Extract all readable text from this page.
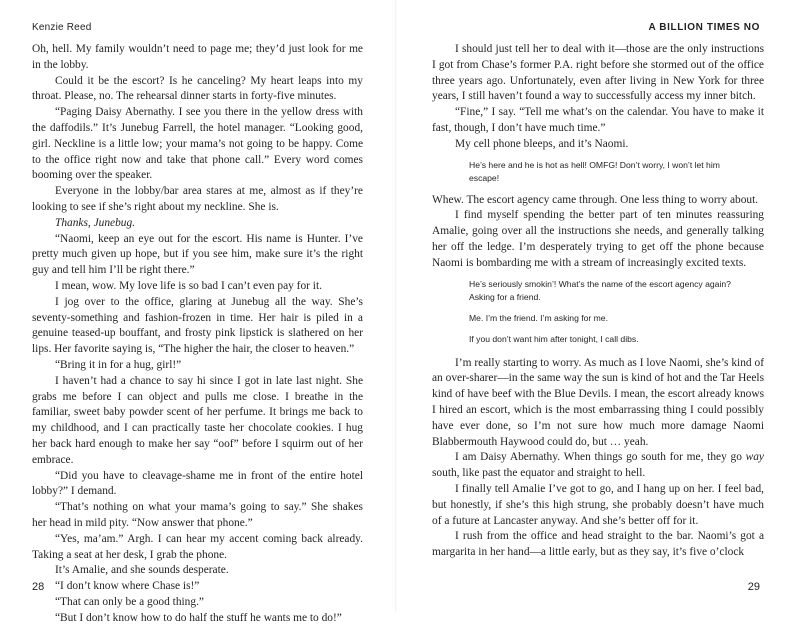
Kenzie Reed

Oh, hell. My family wouldn’t need to page me; they’d just look for me in the lobby.

Could it be the escort? Is he canceling? My heart leaps into my throat. Please, no. The rehearsal dinner starts in forty-five minutes.

“Paging Daisy Abernathy. I see you there in the yellow dress with the daffodils.” It’s Junebug Farrell, the hotel manager. “Looking good, girl. Neckline is a little low; your mama’s not going to be happy. Come to the office right now and take that phone call.” Every word comes booming over the speaker.

Everyone in the lobby/bar area stares at me, almost as if they’re looking to see if she’s right about my neckline. She is.

Thanks, Junebug.

“Naomi, keep an eye out for the escort. His name is Hunter. I’ve pretty much given up hope, but if you see him, make sure it’s the right guy and tell him I’ll be right there.”

I mean, wow. My love life is so bad I can’t even pay for it.

I jog over to the office, glaring at Junebug all the way. She’s seventy-something and fashion-frozen in time. Her hair is piled in a genuine teased-up bouffant, and frosty pink lipstick is slathered on her lips. Her favorite saying is, “The higher the hair, the closer to heaven.”

“Bring it in for a hug, girl!”

I haven’t had a chance to say hi since I got in late last night. She grabs me before I can object and pulls me close. I breathe in the familiar, sweet baby powder scent of her perfume. It brings me back to my childhood, and I can practically taste her chocolate cookies. I hug her back hard enough to make her say “oof” before I squirm out of her embrace.

“Did you have to cleavage-shame me in front of the entire hotel lobby?” I demand.

“That’s nothing on what your mama’s going to say.” She shakes her head in mild pity. “Now answer that phone.”

“Yes, ma’am.” Argh. I can hear my accent coming back already. Taking a seat at her desk, I grab the phone.

It’s Amalie, and she sounds desperate.

“I don’t know where Chase is!”

“That can only be a good thing.”

“But I don’t know how to do half the stuff he wants me to do!”

28
A BILLION TIMES NO

I should just tell her to deal with it—those are the only instructions I got from Chase’s former P.A. right before she stormed out of the office three years ago. Unfortunately, even after living in New York for three years, I still haven’t found a way to successfully access my inner bitch.

“Fine,” I say. “Tell me what’s on the calendar. You have to make it fast, though, I don’t have much time.”

My cell phone bleeps, and it’s Naomi.

He’s here and he is hot as hell! OMFG! Don’t worry, I won’t let him escape!

Whew. The escort agency came through. One less thing to worry about.

I find myself spending the better part of ten minutes reassuring Amalie, going over all the instructions she needs, and generally talking her off the ledge. I’m desperately trying to get off the phone because Naomi is bombarding me with a stream of increasingly excited texts.

He’s seriously smokin’! What’s the name of the escort agency again? Asking for a friend.
Me. I’m the friend. I’m asking for me.
If you don’t want him after tonight, I call dibs.

I’m really starting to worry. As much as I love Naomi, she’s kind of an over-sharer—in the same way the sun is kind of hot and the Tar Heels kind of have beef with the Blue Devils. I mean, the escort already knows I hired an escort, which is the most embarrassing thing I could possibly have ever done, so I’m not sure how much more damage Naomi Blabbermouth Haywood could do, but … yeah.

I am Daisy Abernathy. When things go south for me, they go way south, like past the equator and straight to hell.

I finally tell Amalie I’ve got to go, and I hang up on her. I feel bad, but honestly, if she’s this high strung, she probably doesn’t have much of a future at Lancaster anyway. And she’s better off for it.

I rush from the office and head straight to the bar. Naomi’s got a margarita in her hand—a little early, but as they say, it’s five o’clock

29
